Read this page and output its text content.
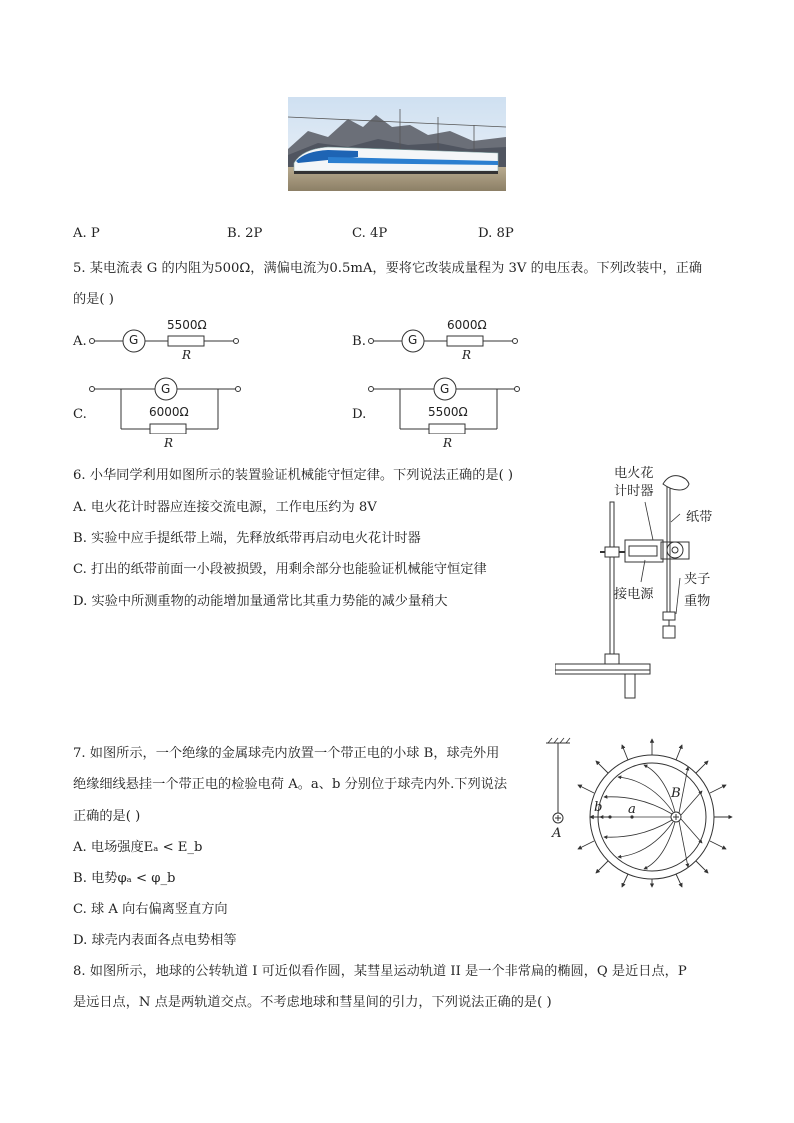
A. P	B. 2P	C. 4P	D. 8P
5. 某电流表 G 的内阻为500Ω，满偏电流为0.5mA，要将它改装成量程为 3V 的电压表。下列改装中，正确
的是( )
A.	G
5500Ω
R
B.	G
6000Ω
R
C.
G
6000Ω
R
D.
G
5500Ω
R
6. 小华同学利用如图所示的装置验证机械能守恒定律。下列说法正确的是( )
A. 电火花计时器应连接交流电源，工作电压约为 8V
B. 实验中应手提纸带上端，先释放纸带再启动电火花计时器
C. 打出的纸带前面一小段被损毁，用剩余部分也能验证机械能守恒定律
D. 实验中所测重物的动能增加量通常比其重力势能的减少量稍大
电火花
计时器
纸带
夹子
接电源 重物
7. 如图所示，一个绝缘的金属球壳内放置一个带正电的小球 B，球壳外用
绝缘细线悬挂一个带正电的检验电荷 A。a、b 分别位于球壳内外.下列说法
正确的是( )
A. 电场强度Eₐ < E_b
B. 电势φₐ < φ_b
C. 球 A 向右偏离竖直方向
D. 球壳内表面各点电势相等
A
B
a
b
8. 如图所示，地球的公转轨道 I 可近似看作圆，某彗星运动轨道 II 是一个非常扁的椭圆，Q 是近日点，P
是远日点，N 点是两轨道交点。不考虑地球和彗星间的引力，下列说法正确的是( )
